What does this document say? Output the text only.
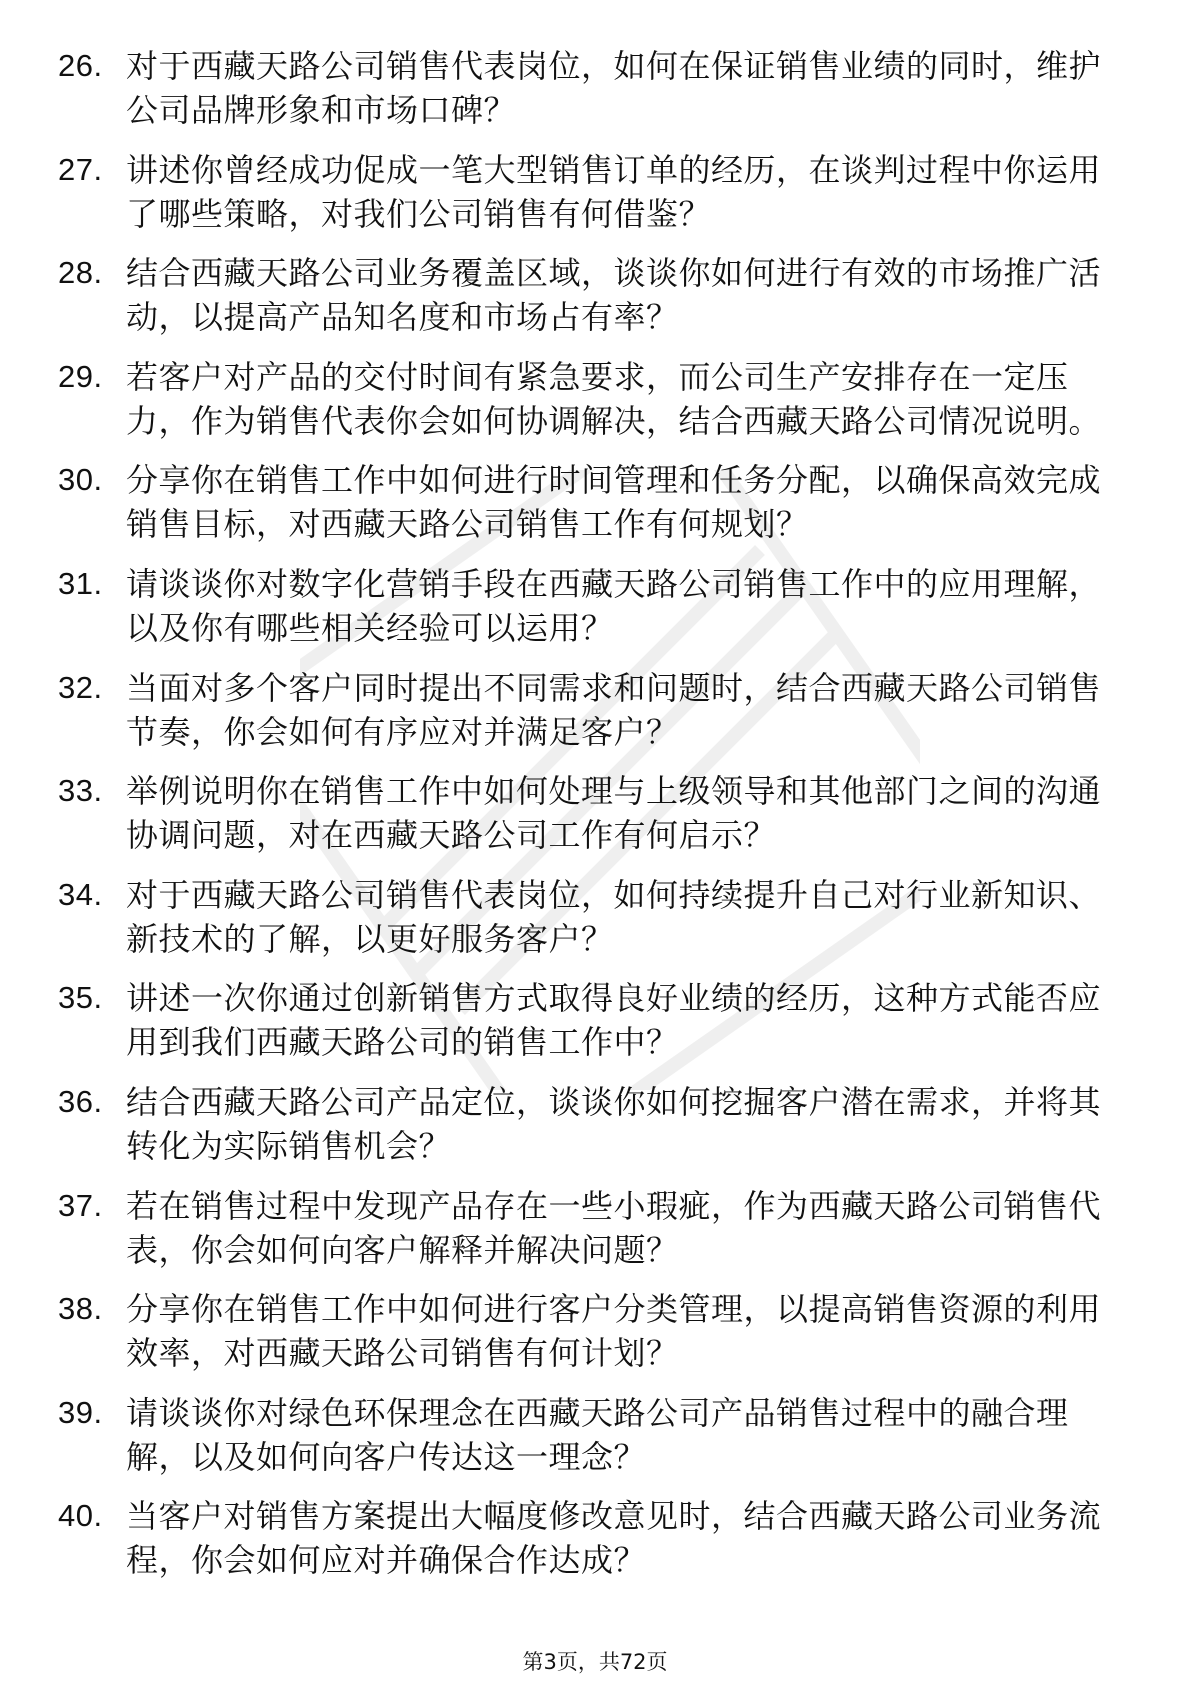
26. 对于西藏天路公司销售代表岗位，如何在保证销售业绩的同时，维护公司品牌形象和市场口碑？
27. 讲述你曾经成功促成一笔大型销售订单的经历，在谈判过程中你运用了哪些策略，对我们公司销售有何借鉴？
28. 结合西藏天路公司业务覆盖区域，谈谈你如何进行有效的市场推广活动，以提高产品知名度和市场占有率？
29. 若客户对产品的交付时间有紧急要求，而公司生产安排存在一定压力，作为销售代表你会如何协调解决，结合西藏天路公司情况说明。
30. 分享你在销售工作中如何进行时间管理和任务分配，以确保高效完成销售目标，对西藏天路公司销售工作有何规划？
31. 请谈谈你对数字化营销手段在西藏天路公司销售工作中的应用理解，以及你有哪些相关经验可以运用？
32. 当面对多个客户同时提出不同需求和问题时，结合西藏天路公司销售节奏，你会如何有序应对并满足客户？
33. 举例说明你在销售工作中如何处理与上级领导和其他部门之间的沟通协调问题，对在西藏天路公司工作有何启示？
34. 对于西藏天路公司销售代表岗位，如何持续提升自己对行业新知识、新技术的了解，以更好服务客户？
35. 讲述一次你通过创新销售方式取得良好业绩的经历，这种方式能否应用到我们西藏天路公司的销售工作中？
36. 结合西藏天路公司产品定位，谈谈你如何挖掘客户潜在需求，并将其转化为实际销售机会？
37. 若在销售过程中发现产品存在一些小瑕疵，作为西藏天路公司销售代表，你会如何向客户解释并解决问题？
38. 分享你在销售工作中如何进行客户分类管理，以提高销售资源的利用效率，对西藏天路公司销售有何计划？
39. 请谈谈你对绿色环保理念在西藏天路公司产品销售过程中的融合理解，以及如何向客户传达这一理念？
40. 当客户对销售方案提出大幅度修改意见时，结合西藏天路公司业务流程，你会如何应对并确保合作达成？
第3页，共72页
